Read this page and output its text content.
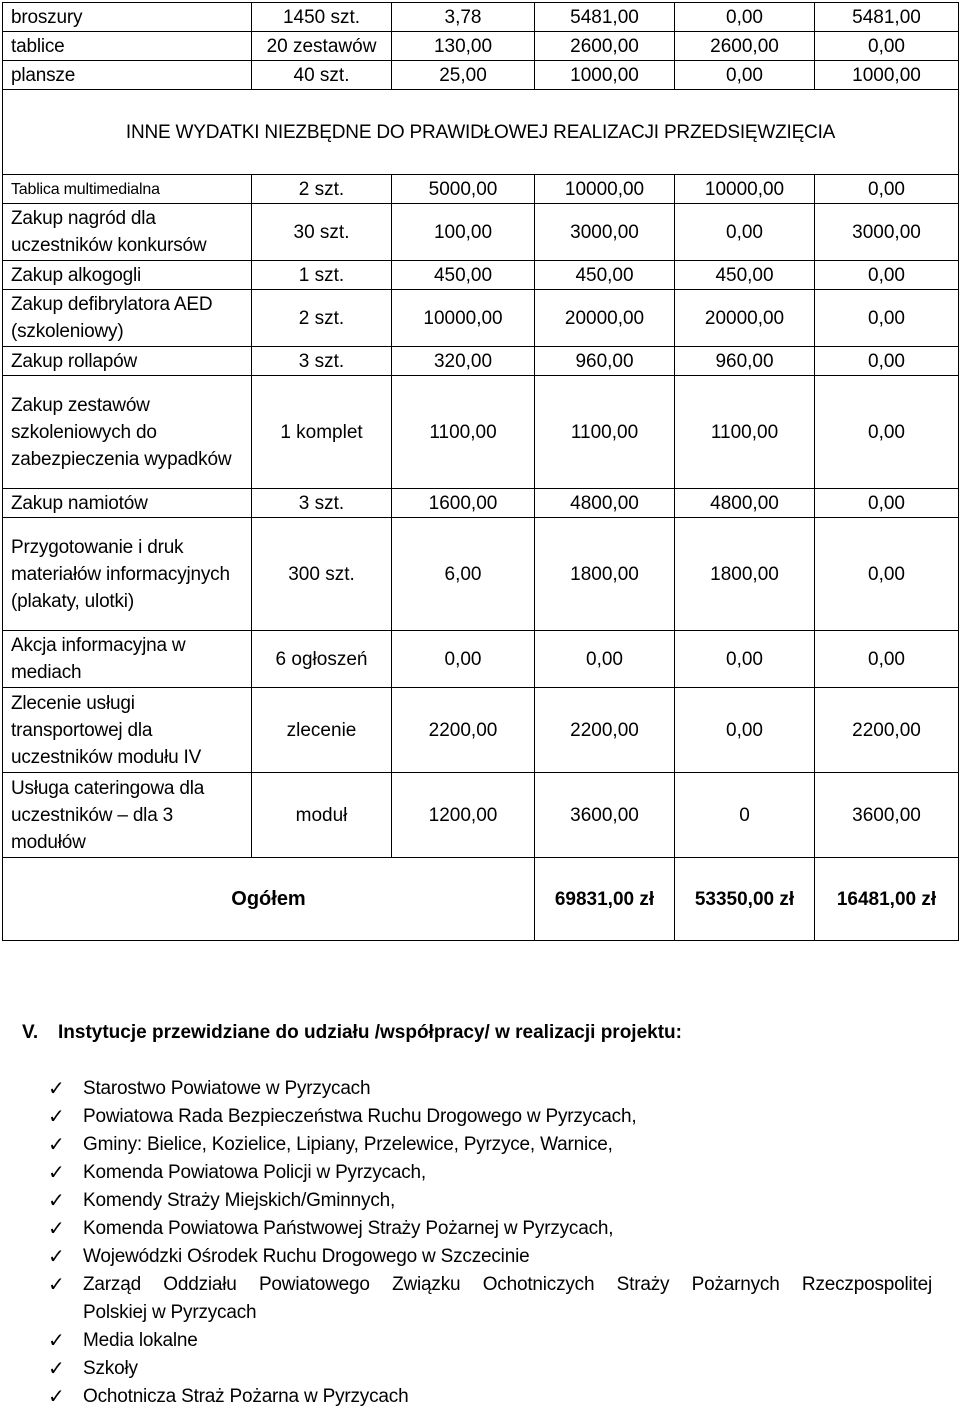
broszury	1450 szt.	3,78	5481,00	0,00	5481,00
tablice	20 zestawów	130,00	2600,00	2600,00	0,00
plansze	40 szt.	25,00	1000,00	0,00	1000,00
INNE WYDATKI NIEZBĘDNE DO PRAWIDŁOWEJ REALIZACJI PRZEDSIĘWZIĘCIA					
Tablica multimedialna	2 szt.	5000,00	10000,00	10000,00	0,00
Zakup nagród dla uczestników konkursów	30 szt.	100,00	3000,00	0,00	3000,00
Zakup alkogogli	1 szt.	450,00	450,00	450,00	0,00
Zakup defibrylatora AED (szkoleniowy)	2 szt.	10000,00	20000,00	20000,00	0,00
Zakup rollapów	3 szt.	320,00	960,00	960,00	0,00
Zakup zestawów szkoleniowych do zabezpieczenia wypadków	1 komplet	1100,00	1100,00	1100,00	0,00
Zakup namiotów	3 szt.	1600,00	4800,00	4800,00	0,00
Przygotowanie i druk materiałów informacyjnych (plakaty, ulotki)	300 szt.	6,00	1800,00	1800,00	0,00
Akcja informacyjna w mediach	6 ogłoszeń	0,00	0,00	0,00	0,00
Zlecenie usługi transportowej dla uczestników modułu IV	zlecenie	2200,00	2200,00	0,00	2200,00
Usługa cateringowa dla uczestników – dla 3 modułów	moduł	1200,00	3600,00	0	3600,00
Ogółem			69831,00 zł	53350,00 zł	16481,00 zł
V. Instytucje przewidziane do udziału /współpracy/ w realizacji projektu:
✓ Starostwo Powiatowe w Pyrzycach
✓ Powiatowa Rada Bezpieczeństwa Ruchu Drogowego w Pyrzycach,
✓ Gminy: Bielice, Kozielice, Lipiany, Przelewice, Pyrzyce, Warnice,
✓ Komenda Powiatowa Policji w Pyrzycach,
✓ Komendy Straży Miejskich/Gminnych,
✓ Komenda Powiatowa Państwowej Straży Pożarnej w Pyrzycach,
✓ Wojewódzki Ośrodek Ruchu Drogowego w Szczecinie
✓ Zarząd Oddziału Powiatowego Związku Ochotniczych Straży Pożarnych Rzeczpospolitej
Polskiej w Pyrzycach
✓ Media lokalne
✓ Szkoły
✓ Ochotnicza Straż Pożarna w Pyrzycach
